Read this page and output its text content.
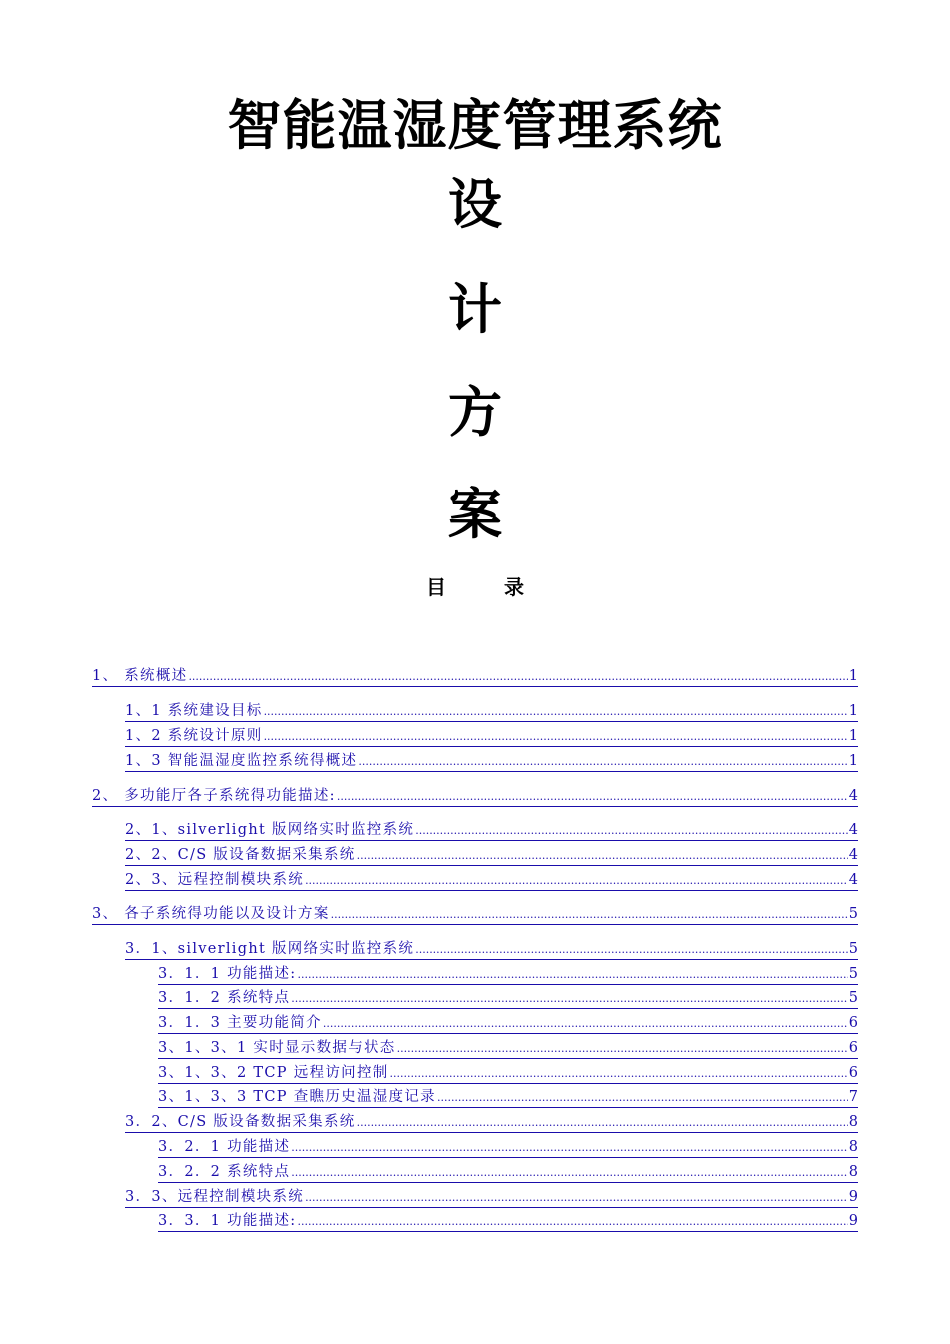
智能温湿度管理系统
设
计
方
案
目	录
1、 系统概述 .....	1
1、1 系统建设目标 .....	1
1、2 系统设计原则 .....	1
1、3 智能温湿度监控系统得概述 .....	1
2、 多功能厅各子系统得功能描述: .....	4
2、1、silverlight 版网络实时监控系统 .....	4
2、2、C/S 版设备数据采集系统 .....	4
2、3、远程控制模块系统 .....	4
3、 各子系统得功能以及设计方案 .....	5
3．1、silverlight 版网络实时监控系统 .....	5
3．1．1 功能描述: .....	5
3．1．2 系统特点 .....	5
3．1．3 主要功能简介 .....	6
3、1、3、1 实时显示数据与状态 .....	6
3、1、3、2 TCP 远程访问控制 .....	6
3、1、3、3 TCP 查瞧历史温湿度记录 .....	7
3．2、C/S 版设备数据采集系统 .....	8
3．2．1 功能描述 .....	8
3．2．2 系统特点 .....	8
3．3、远程控制模块系统 .....	9
3．3．1 功能描述: .....	9
